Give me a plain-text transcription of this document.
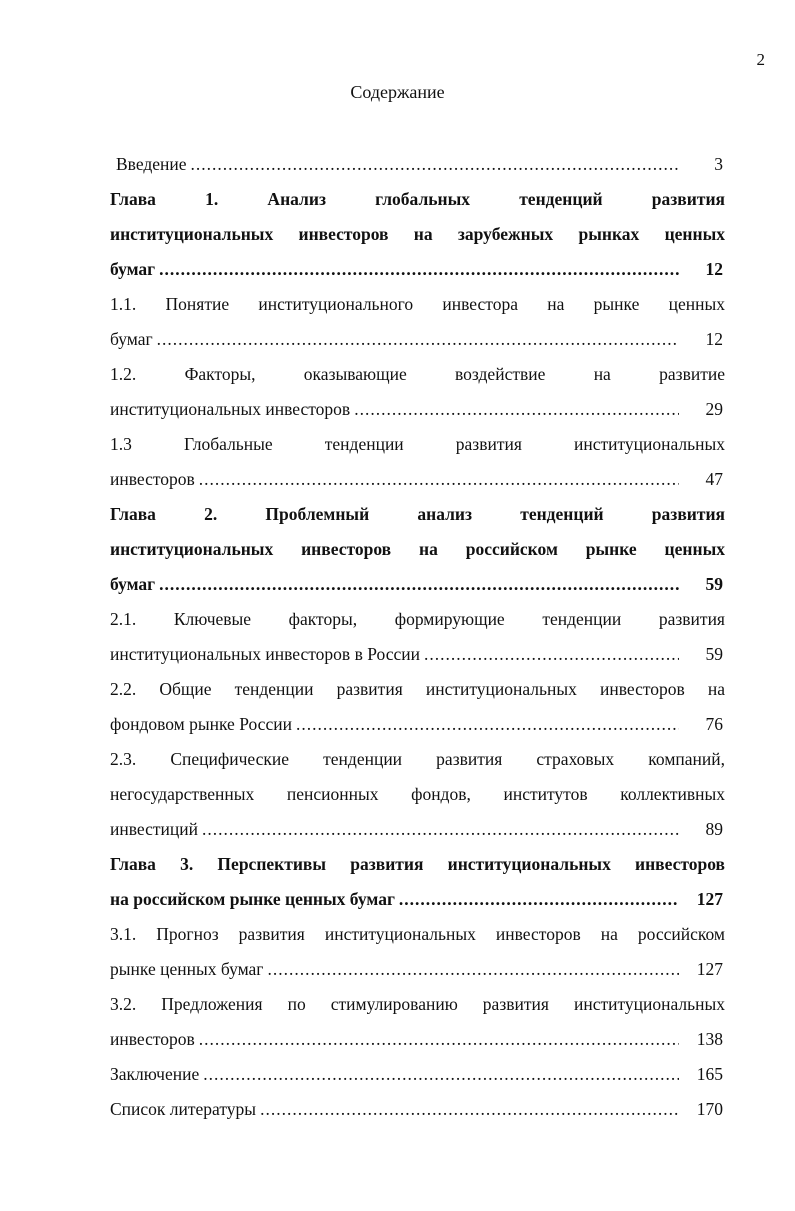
2
Содержание
Введение .....	3
Глава 1. Анализ глобальных тенденций развития
институциональных инвесторов на зарубежных рынках ценных
бумаг .....	12
1.1. Понятие институционального инвестора на рынке ценных
бумаг .....	12
1.2. Факторы, оказывающие воздействие на развитие
институциональных инвесторов .....	29
1.3 Глобальные тенденции развития институциональных
инвесторов .....	47
Глава 2. Проблемный анализ тенденций развития
институциональных инвесторов на российском рынке ценных
бумаг .....	59
2.1. Ключевые факторы, формирующие тенденции развития
институциональных инвесторов в России .....	59
2.2. Общие тенденции развития институциональных инвесторов на
фондовом рынке России .....	76
2.3. Специфические тенденции развития страховых компаний,
негосударственных пенсионных фондов, институтов коллективных
инвестиций .....	89
Глава 3. Перспективы развития институциональных инвесторов
на российском рынке ценных бумаг .....	127
3.1. Прогноз развития институциональных инвесторов на российском
рынке ценных бумаг .....	127
3.2. Предложения по стимулированию развития институциональных
инвесторов .....	138
Заключение .....	165
Список литературы .....	170
